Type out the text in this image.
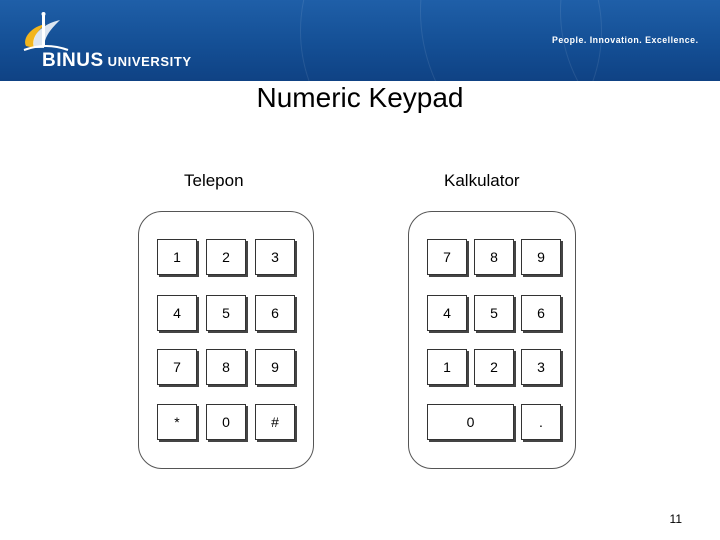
BINUS UNIVERSITY
People. Innovation. Excellence.
Numeric Keypad
Telepon	Kalkulator
1	2	3
4	5	6
7	8	9
*	0	#
7	8	9
4	5	6
1	2	3
0	.
11
